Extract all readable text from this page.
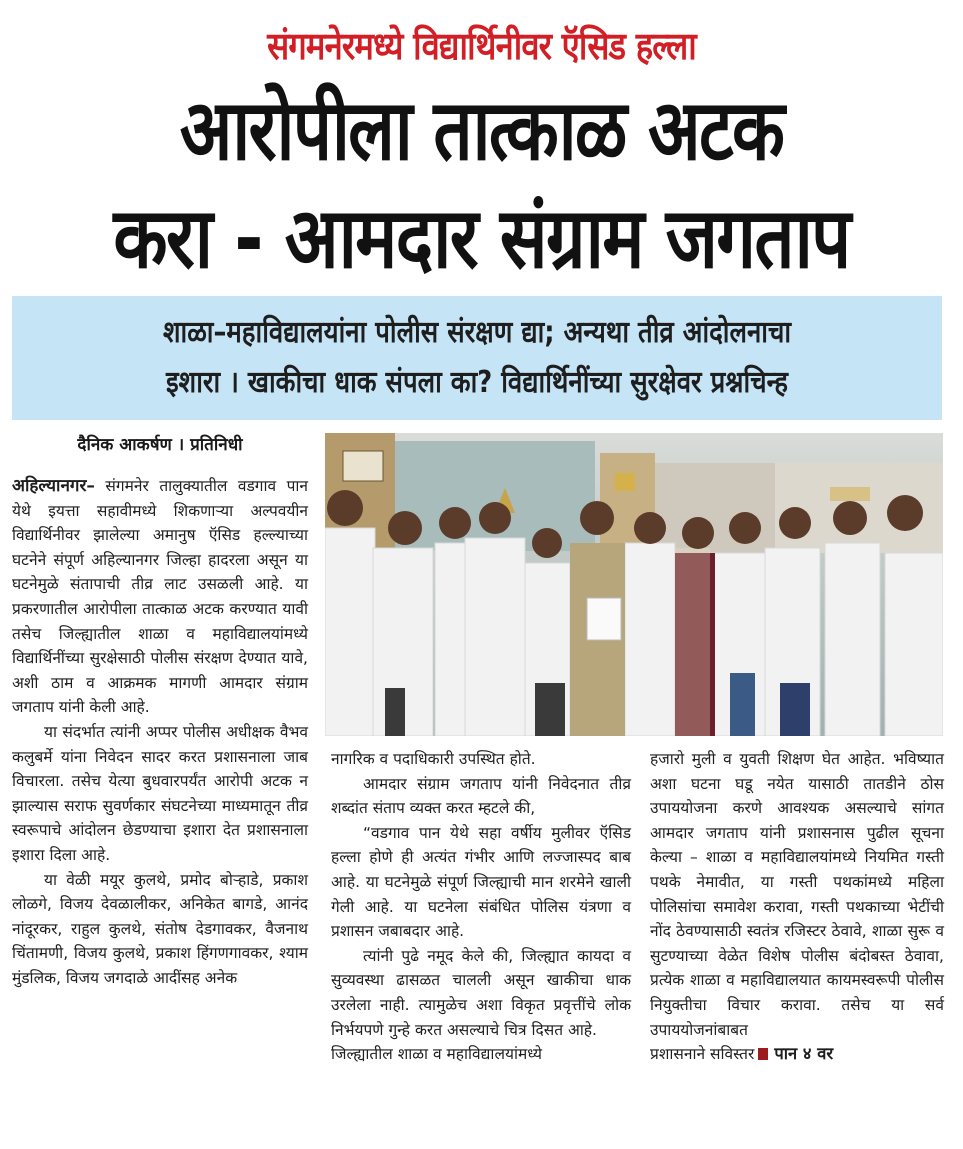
संगमनेरमध्ये विद्यार्थिनीवर ऍसिड हल्ला
आरोपीला तात्काळ अटक
करा - आमदार संग्राम जगताप
शाळा–महाविद्यालयांना पोलीस संरक्षण द्या; अन्यथा तीव्र आंदोलनाचा
इशारा । खाकीचा धाक संपला का? विद्यार्थिनींच्या सुरक्षेवर प्रश्नचिन्ह
दैनिक आकर्षण । प्रतिनिधी

अहिल्यानगर– संगमनेर तालुक्यातील वडगाव पान येथे इयत्ता सहावीमध्ये शिकणाऱ्या अल्पवयीन विद्यार्थिनीवर झालेल्या अमानुष ऍसिड हल्ल्याच्या घटनेने संपूर्ण अहिल्यानगर जिल्हा हादरला असून या घटनेमुळे संतापाची तीव्र लाट उसळली आहे. या प्रकरणातील आरोपीला तात्काळ अटक करण्यात यावी तसेच जिल्ह्यातील शाळा व महाविद्यालयांमध्ये विद्यार्थिनींच्या सुरक्षेसाठी पोलीस संरक्षण देण्यात यावे, अशी ठाम व आक्रमक मागणी आमदार संग्राम जगताप यांनी केली आहे.

या संदर्भात त्यांनी अप्पर पोलीस अधीक्षक वैभव कलुबर्मे यांना निवेदन सादर करत प्रशासनाला जाब विचारला. तसेच येत्या बुधवारपर्यंत आरोपी अटक न झाल्यास सराफ सुवर्णकार संघटनेच्या माध्यमातून तीव्र स्वरूपाचे आंदोलन छेडण्याचा इशारा देत प्रशासनाला इशारा दिला आहे.

या वेळी मयूर कुलथे, प्रमोद बोऱ्हाडे, प्रकाश लोळगे, विजय देवळालीकर, अनिकेत बागडे, आनंद नांदूरकर, राहुल कुलथे, संतोष देडगावकर, वैजनाथ चिंतामणी, विजय कुलथे, प्रकाश हिंगणगावकर, श्याम मुंडलिक, विजय जगदाळे आदींसह अनेक

नागरिक व पदाधिकारी उपस्थित होते.

आमदार संग्राम जगताप यांनी निवेदनात तीव्र शब्दांत संताप व्यक्त करत म्हटले की,

“वडगाव पान येथे सहा वर्षीय मुलीवर ऍसिड हल्ला होणे ही अत्यंत गंभीर आणि लज्जास्पद बाब आहे. या घटनेमुळे संपूर्ण जिल्ह्याची मान शरमेने खाली गेली आहे. या घटनेला संबंधित पोलिस यंत्रणा व प्रशासन जबाबदार आहे.

त्यांनी पुढे नमूद केले की, जिल्ह्यात कायदा व सुव्यवस्था ढासळत चालली असून खाकीचा धाक उरलेला नाही. त्यामुळेच अशा विकृत प्रवृत्तींचे लोक निर्भयपणे गुन्हे करत असल्याचे चित्र दिसत आहे.

जिल्ह्यातील शाळा व महाविद्यालयांमध्ये

हजारो मुली व युवती शिक्षण घेत आहेत. भविष्यात अशा घटना घडू नयेत यासाठी तातडीने ठोस उपाययोजना करणे आवश्यक असल्याचे सांगत आमदार जगताप यांनी प्रशासनास पुढील सूचना केल्या – शाळा व महाविद्यालयांमध्ये नियमित गस्ती पथके नेमावीत, या गस्ती पथकांमध्ये महिला पोलिसांचा समावेश करावा, गस्ती पथकाच्या भेटींची नोंद ठेवण्यासाठी स्वतंत्र रजिस्टर ठेवावे, शाळा सुरू व सुटण्याच्या वेळेत विशेष पोलीस बंदोबस्त ठेवावा, प्रत्येक शाळा व महाविद्यालयात कायमस्वरूपी पोलीस नियुक्तीचा विचार करावा. तसेच या सर्व उपाययोजनांबाबत

प्रशासनाने सविस्तर पान ४ वर
